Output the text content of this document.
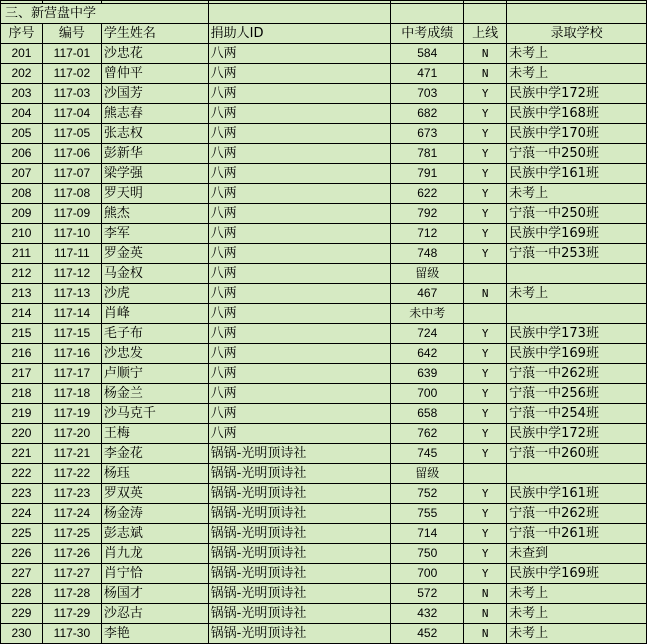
三、新营盘中学						
序号	编号	学生姓名	捐助人ID	中考成绩	上线	录取学校
201	117-01	沙忠花	八两	584	N	未考上
202	117-02	曾仲平	八两	471	N	未考上
203	117-03	沙国芳	八两	703	Y	民族中学172班
204	117-04	熊志春	八两	682	Y	民族中学168班
205	117-05	张志权	八两	673	Y	民族中学170班
206	117-06	彭新华	八两	781	Y	宁蒗一中250班
207	117-07	梁学强	八两	791	Y	民族中学161班
208	117-08	罗天明	八两	622	Y	未考上
209	117-09	熊杰	八两	792	Y	宁蒗一中250班
210	117-10	李军	八两	712	Y	民族中学169班
211	117-11	罗金英	八两	748	Y	宁蒗一中253班
212	117-12	马金权	八两	留级		
213	117-13	沙虎	八两	467	N	未考上
214	117-14	肖峰	八两	未中考		
215	117-15	毛子布	八两	724	Y	民族中学173班
216	117-16	沙忠发	八两	642	Y	民族中学169班
217	117-17	卢顺宁	八两	639	Y	宁蒗一中262班
218	117-18	杨金兰	八两	700	Y	宁蒗一中256班
219	117-19	沙马克千	八两	658	Y	宁蒗一中254班
220	117-20	王梅	八两	762	Y	民族中学172班
221	117-21	李金花	锅锅-光明顶诗社	745	Y	宁蒗一中260班
222	117-22	杨珏	锅锅-光明顶诗社	留级		
223	117-23	罗双英	锅锅-光明顶诗社	752	Y	民族中学161班
224	117-24	杨金涛	锅锅-光明顶诗社	755	Y	宁蒗一中262班
225	117-25	彭志斌	锅锅-光明顶诗社	714	Y	宁蒗一中261班
226	117-26	肖九龙	锅锅-光明顶诗社	750	Y	未查到
227	117-27	肖宁恰	锅锅-光明顶诗社	700	Y	民族中学169班
228	117-28	杨国才	锅锅-光明顶诗社	572	N	未考上
229	117-29	沙忍古	锅锅-光明顶诗社	432	N	未考上
230	117-30	李艳	锅锅-光明顶诗社	452	N	未考上
